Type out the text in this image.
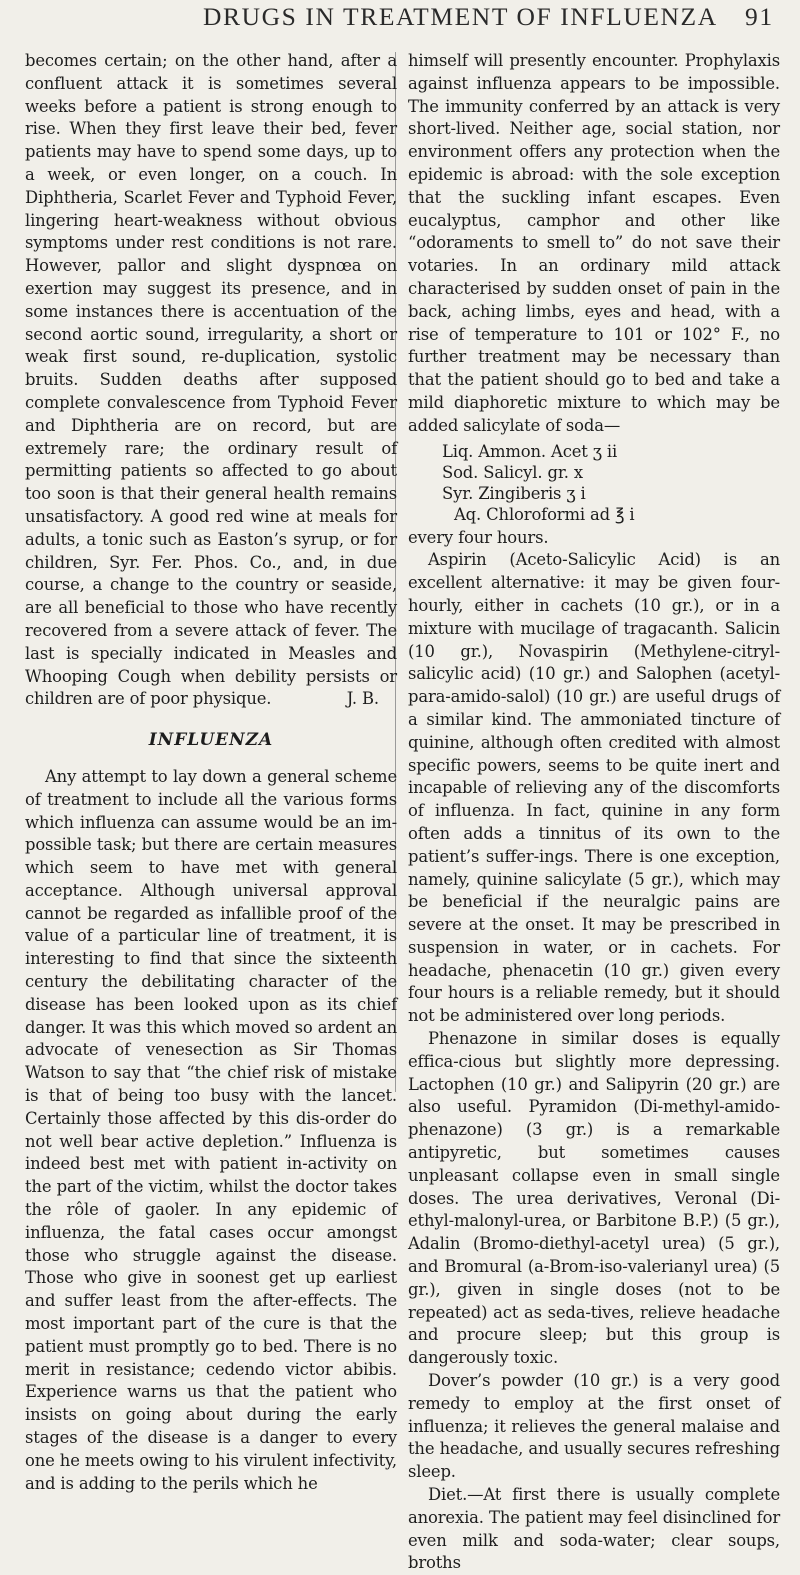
DRUGS IN TREATMENT OF INFLUENZA 91

becomes certain; on the other hand, after a confluent attack it is sometimes several weeks before a patient is strong enough to rise. When they first leave their bed, fever patients may have to spend some days, up to a week, or even longer, on a couch. In Diphtheria, Scarlet Fever and Typhoid Fever, lingering heart-weakness without obvious symptoms under rest conditions is not rare. However, pallor and slight dyspnœa on exertion may suggest its presence, and in some instances there is accentuation of the second aortic sound, irregularity, a short or weak first sound, re-duplication, systolic bruits. Sudden deaths after supposed complete convalescence from Typhoid Fever and Diphtheria are on record, but are extremely rare; the ordinary result of permitting patients so affected to go about too soon is that their general health remains unsatisfactory. A good red wine at meals for adults, a tonic such as Easton’s syrup, or for children, Syr. Fer. Phos. Co., and, in due course, a change to the country or seaside, are all beneficial to those who have recently recovered from a severe attack of fever. The last is specially indicated in Measles and Whooping Cough when debility persists or children are of poor physique.	J. B.
INFLUENZA

Any attempt to lay down a general scheme of treatment to include all the various forms which influenza can assume would be an im-possible task; but there are certain measures which seem to have met with general acceptance. Although universal approval cannot be regarded as infallible proof of the value of a particular line of treatment, it is interesting to find that since the sixteenth century the debilitating character of the disease has been looked upon as its chief danger. It was this which moved so ardent an advocate of venesection as Sir Thomas Watson to say that “the chief risk of mistake is that of being too busy with the lancet. Certainly those affected by this dis-order do not well bear active depletion.” Influenza is indeed best met with patient in-activity on the part of the victim, whilst the doctor takes the rôle of gaoler. In any epidemic of influenza, the fatal cases occur amongst those who struggle against the disease. Those who give in soonest get up earliest and suffer least from the after-effects. The most important part of the cure is that the patient must promptly go to bed. There is no merit in resistance; cedendo victor abibis. Experience warns us that the patient who insists on going about during the early stages of the disease is a danger to every one he meets owing to his virulent infectivity, and is adding to the perils which he

himself will presently encounter. Prophylaxis against influenza appears to be impossible. The immunity conferred by an attack is very short-lived. Neither age, social station, nor environment offers any protection when the epidemic is abroad: with the sole exception that the suckling infant escapes. Even eucalyptus, camphor and other like “odoraments to smell to” do not save their votaries. In an ordinary mild attack characterised by sudden onset of pain in the back, aching limbs, eyes and head, with a rise of temperature to 101 or 102° F., no further treatment may be necessary than that the patient should go to bed and take a mild diaphoretic mixture to which may be added salicylate of soda—

Liq. Ammon. Acet ʒ ii
Sod. Salicyl. gr. x
Syr. Zingiberis ʒ i
Aq. Chloroformi ad ℥ i

every four hours.

Aspirin (Aceto-Salicylic Acid) is an excellent alternative: it may be given four-hourly, either in cachets (10 gr.), or in a mixture with mucilage of tragacanth. Salicin (10 gr.), Novaspirin (Methylene-citryl-salicylic acid) (10 gr.) and Salophen (acetyl-para-amido-salol) (10 gr.) are useful drugs of a similar kind. The ammoniated tincture of quinine, although often credited with almost specific powers, seems to be quite inert and incapable of relieving any of the discomforts of influenza. In fact, quinine in any form often adds a tinnitus of its own to the patient’s suffer-ings. There is one exception, namely, quinine salicylate (5 gr.), which may be beneficial if the neuralgic pains are severe at the onset. It may be prescribed in suspension in water, or in cachets. For headache, phenacetin (10 gr.) given every four hours is a reliable remedy, but it should not be administered over long periods.

Phenazone in similar doses is equally effica-cious but slightly more depressing. Lactophen (10 gr.) and Salipyrin (20 gr.) are also useful. Pyramidon (Di-methyl-amido-phenazone) (3 gr.) is a remarkable antipyretic, but sometimes causes unpleasant collapse even in small single doses. The urea derivatives, Veronal (Di-ethyl-malonyl-urea, or Barbitone B.P.) (5 gr.), Adalin (Bromo-diethyl-acetyl urea) (5 gr.), and Bromural (a-Brom-iso-valerianyl urea) (5 gr.), given in single doses (not to be repeated) act as seda-tives, relieve headache and procure sleep; but this group is dangerously toxic.

Dover’s powder (10 gr.) is a very good remedy to employ at the first onset of influenza; it relieves the general malaise and the headache, and usually secures refreshing sleep.

Diet.—At first there is usually complete anorexia. The patient may feel disinclined for even milk and soda-water; clear soups, broths
